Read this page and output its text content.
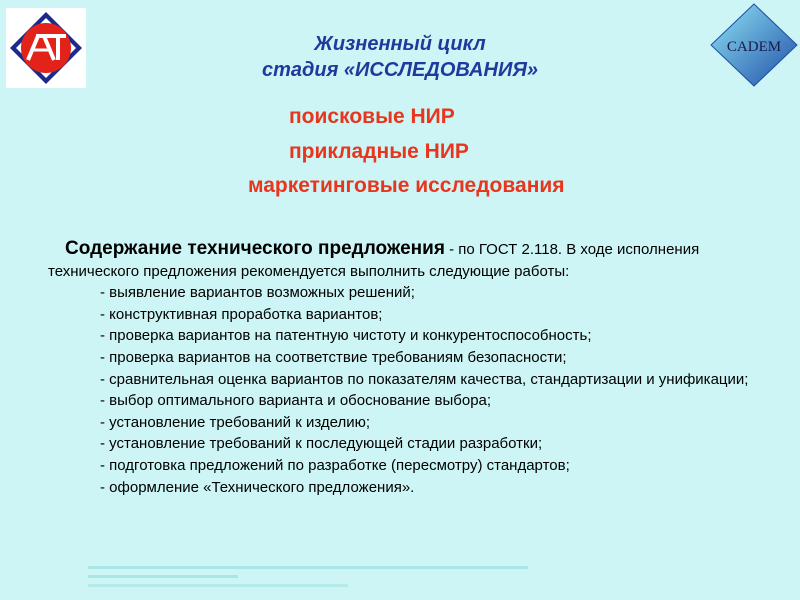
CADEM
Жизненный цикл
стадия «ИССЛЕДОВАНИЯ»
поисковые НИР
прикладные НИР
маркетинговые исследования

Содержание технического предложения - по ГОСТ 2.118. В ходе исполнения технического предложения рекомендуется выполнить следующие работы:

- выявление вариантов возможных решений;

- конструктивная проработка вариантов;

- проверка вариантов на патентную чистоту и конкурентоспособность;

- проверка вариантов на соответствие требованиям безопасности;

- сравнительная оценка вариантов по показателям качества, стандартизации и унификации;

- выбор оптимального варианта и обоснование выбора;

- установление требований к изделию;

- установление требований к последующей стадии разработки;

- подготовка предложений по разработке (пересмотру) стандартов;

- оформление «Технического предложения».
